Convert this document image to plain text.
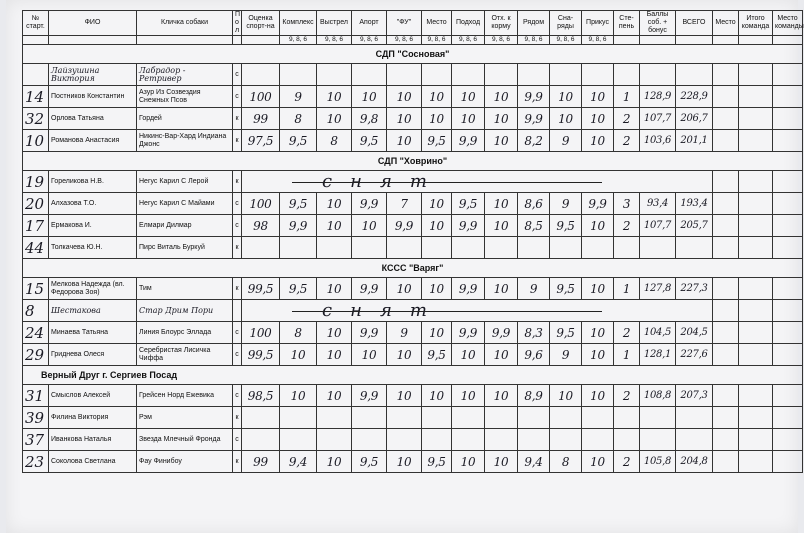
№ старт.	ФИО	Кличка собаки	П о л	Оценка спорт-на	Комплекс	Выстрел	Апорт	"ФУ"	Место	Подход	Отх. к корму	Рядом	Сна- ряды	Прикус	Сте- пень	Баллы соб. + бонус	ВСЕГО	Место	Итого команда	Место команды
					9, 8, 6	9, 8, 6	9, 8, 6	9, 8, 6	9, 8, 6	9, 8, 6	9, 8, 6	9, 8, 6	9, 8, 6	9, 8, 6						
СДП "Сосновая"																				
	Лайзушина Виктория	Лабрадор - Ретривер	с																	
14	Постников Константин	Азур Из Созвездия Снежных Псов	с	100	9	10	10	10	10	10	10	9,9	10	10	1	128,9	228,9			
32	Орлова Татьяна	Гордей	к	99	8	10	9,8	10	10	10	10	9,9	10	10	2	107,7	206,7			
10	Романова Анастасия	Никинс-Вар-Хард Индиана Джонс	к	97,5	9,5	8	9,5	10	9,5	9,9	10	8,2	9	10	2	103,6	201,1			
СДП "Ховрино"																				
19	Гореликова Н.В.	Негус Карил С Лерой	к	снят																
20	Алхазова Т.О.	Негус Карил С Майами	с	100	9,5	10	9,9	7	10	9,5	10	8,6	9	9,9	3	93,4	193,4			
17	Ермакова И.	Елмари Дилмар	с	98	9,9	10	10	9,9	10	9,9	10	8,5	9,5	10	2	107,7	205,7			
44	Толкачева Ю.Н.	Пирс Виталь Буркуй	к																	
КССС "Варяг"																				
15	Мелкова Надежда (вл. Федорова Зоя)	Тим	к	99,5	9,5	10	9,9	10	10	9,9	10	9	9,5	10	1	127,8	227,3			
8	Шестакова	Стар Дрим Пори		снят																
24	Минаева Татьяна	Линия Блоурс Эллада	с	100	8	10	9,9	9	10	9,9	9,9	8,3	9,5	10	2	104,5	204,5			
29	Гриднева Олеся	Серебристая Лисичка Чиффа	с	99,5	10	10	10	10	9,5	10	10	9,6	9	10	1	128,1	227,6			
Верный Друг г. Сергиев Посад																				
31	Смыслов Алексей	Грейсен Норд Ежевика	с	98,5	10	10	9,9	10	10	10	10	8,9	10	10	2	108,8	207,3			
39	Филина Виктория	Рэм	к																	
37	Иванкова Наталья	Звезда Млечный Фронда	с																	
23	Соколова Светлана	Фау Финибоу	к	99	9,4	10	9,5	10	9,5	10	10	9,4	8	10	2	105,8	204,8			
